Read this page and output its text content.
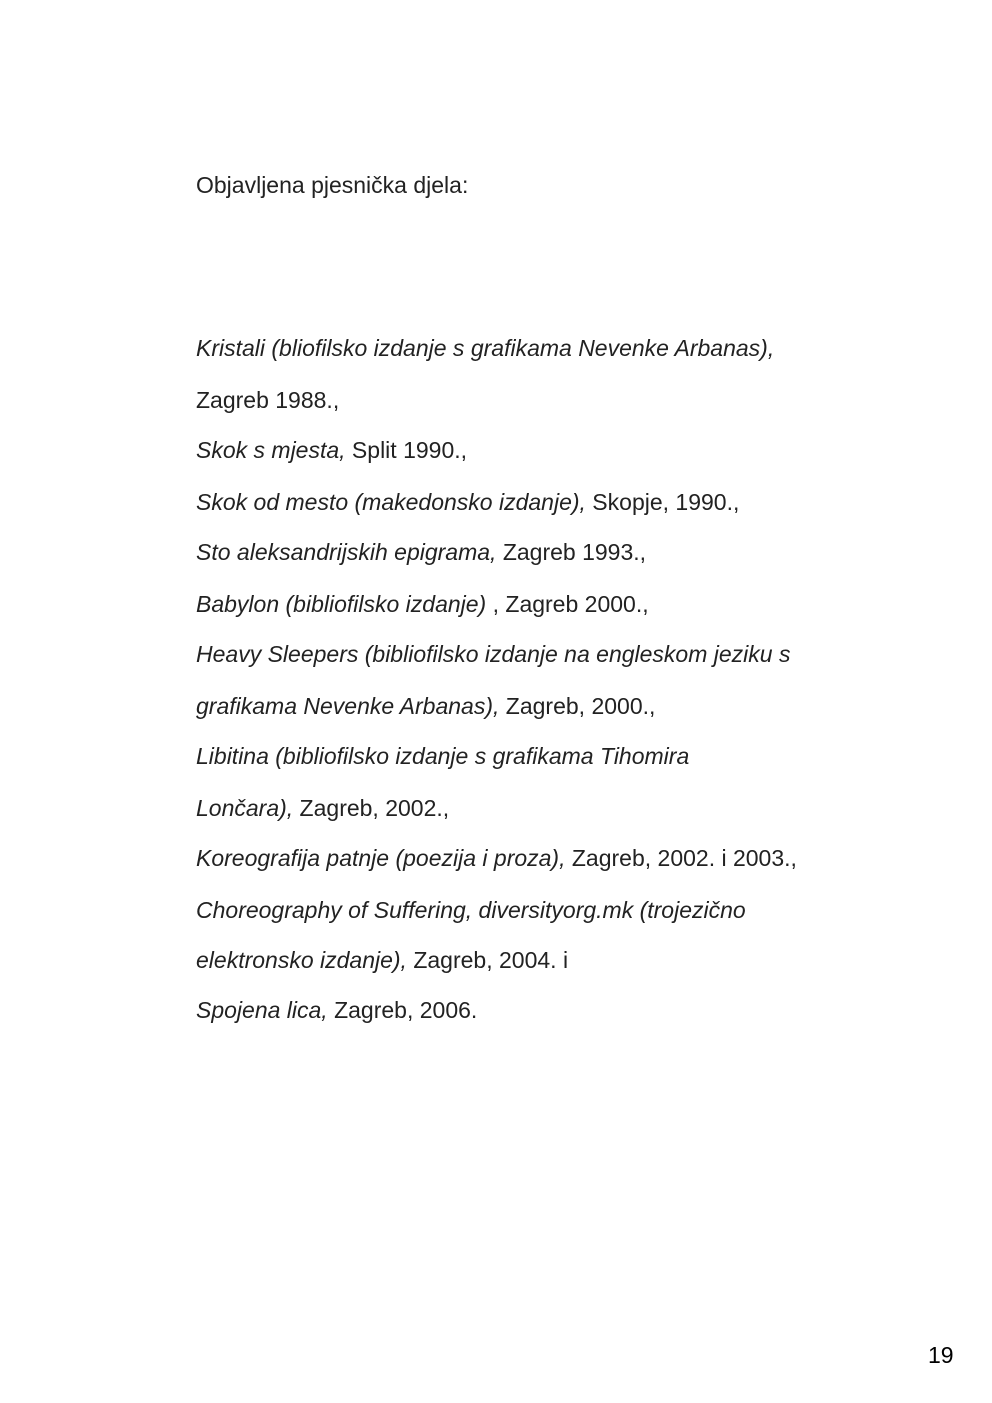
Objavljena pjesnička djela:
Kristali (bliofilsko izdanje s grafikama Nevenke Arbanas),
Zagreb 1988.,
Skok s mjesta, Split 1990.,
Skok od mesto (makedonsko izdanje), Skopje, 1990.,
Sto aleksandrijskih epigrama, Zagreb 1993.,
Babylon (bibliofilsko izdanje) , Zagreb 2000.,
Heavy Sleepers (bibliofilsko izdanje na engleskom jeziku s
grafikama Nevenke Arbanas), Zagreb, 2000.,
Libitina (bibliofilsko izdanje s grafikama Tihomira
Lončara), Zagreb, 2002.,
Koreografija patnje (poezija i proza), Zagreb, 2002. i 2003.,
Choreography of Suffering, diversityorg.mk (trojezično
elektronsko izdanje), Zagreb, 2004. i
Spojena lica, Zagreb, 2006.
19
